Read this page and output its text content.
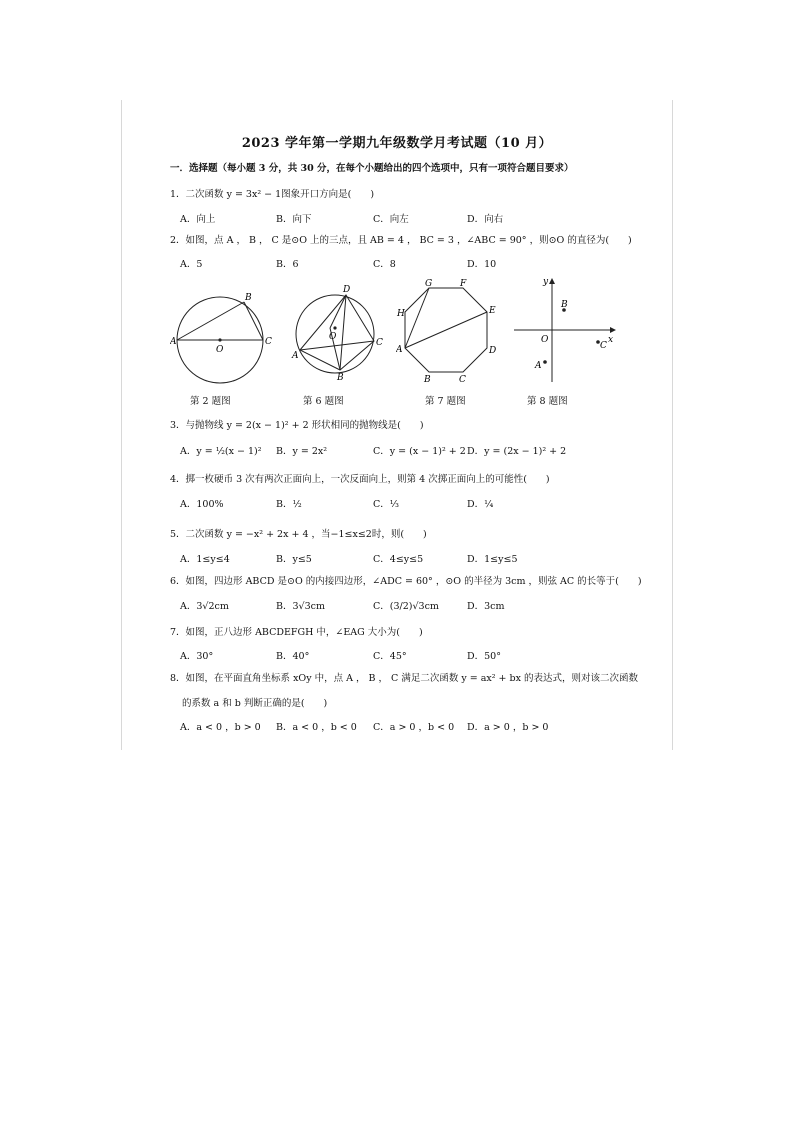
2023 学年第一学期九年级数学月考试题（10 月）
一．选择题（每小题 3 分，共 30 分，在每个小题给出的四个选项中，只有一项符合题目要求）
1．二次函数 y = 3x² − 1图象开口方向是(　　)
A．向上	B．向下	C．向左	D．向右
2．如图，点 A ， B ， C 是⊙O 上的三点，且 AB = 4 ， BC = 3 ，∠ABC = 90° ，则⊙O 的直径为(　　)
A．5	B．6	C．8	D．10
A
B
C
O
第 2 题图
D
C
B
A
O
第 6 题图
G	F
E
D
C
B
A
H
第 7 题图
y
x
O
B
C
A
第 8 题图
3．与抛物线 y = 2(x − 1)² + 2 形状相同的抛物线是(　　)
A．y = ½(x − 1)² B．y = 2x²	C．y = (x − 1)² + 2 D．y = (2x − 1)² + 2
4．掷一枚硬币 3 次有两次正面向上，一次反面向上，则第 4 次掷正面向上的可能性(　　)
A．100%	B．½	C．⅓	D．¼
5．二次函数 y = −x² + 2x + 4 ，当−1≤x≤2时，则(　　)
A．1≤y≤4	B．y≤5	C．4≤y≤5	D．1≤y≤5
6．如图，四边形 ABCD 是⊙O 的内接四边形，∠ADC = 60° ，⊙O 的半径为 3cm ，则弦 AC 的长等于(　　)
A．3√2cm	B．3√3cm	C．(3/2)√3cm	D．3cm
7．如图，正八边形 ABCDEFGH 中，∠EAG 大小为(　　)
A．30°	B．40°	C．45°	D．50°
8．如图，在平面直角坐标系 xOy 中，点 A ， B ， C 满足二次函数 y = ax² + bx 的表达式，则对该二次函数
的系数 a 和 b 判断正确的是(　　)
A．a < 0 ，b > 0 B．a < 0 ，b < 0 C．a > 0 ，b < 0 D．a > 0 ，b > 0
